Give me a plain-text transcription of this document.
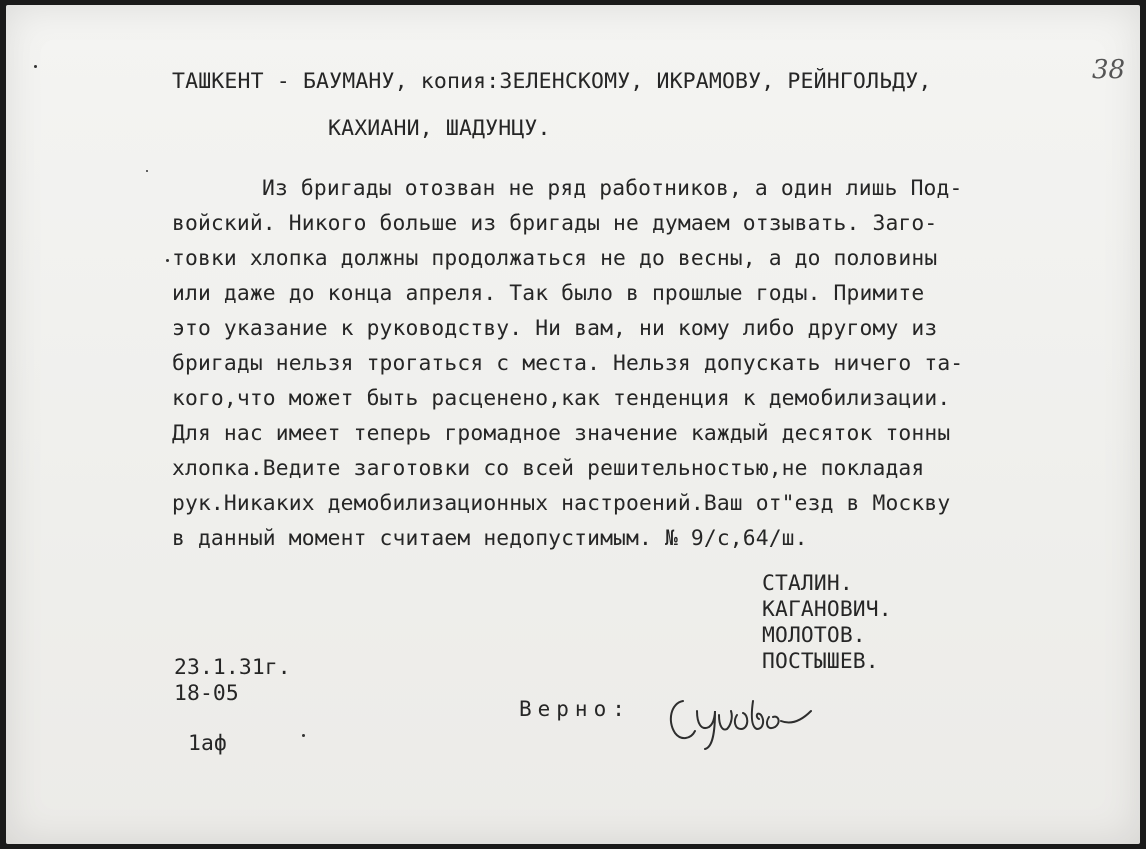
38
ТАШКЕНТ - БАУМАНУ, копия:ЗЕЛЕНСКОМУ, ИКРАМОВУ, РЕЙНГОЛЬДУ,
КАХИАНИ, ШАДУНЦУ.
Из бригады отозван не ряд работников, а один лишь Под-
войский. Никого больше из бригады не думаем отзывать. Заго-
товки хлопка должны продолжаться не до весны, а до половины
или даже до конца апреля. Так было в прошлые годы. Примите
это указание к руководству. Ни вам, ни кому либо другому из
бригады нельзя трогаться с места. Нельзя допускать ничего та-
кого,что может быть расценено,как тенденция к демобилизации.
Для нас имеет теперь громадное значение каждый десяток тонны
хлопка.Ведите заготовки со всей решительностью,не покладая
рук.Никаких демобилизационных настроений.Ваш от"езд в Москву
в данный момент считаем недопустимым. № 9/с,64/ш.
СТАЛИН.
КАГАНОВИЧ.
МОЛОТОВ.
ПОСТЫШЕВ.
23.1.31г.
18-05
1аф
Верно:
